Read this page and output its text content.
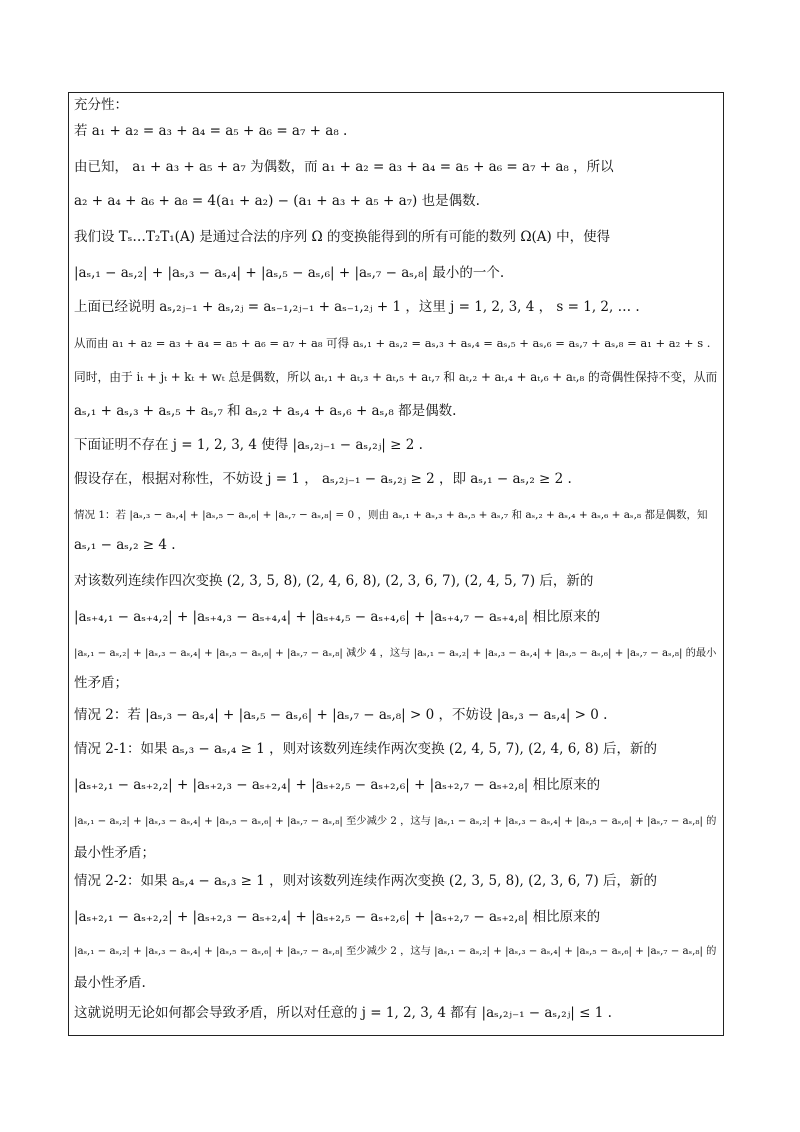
充分性：
若 a₁ + a₂ = a₃ + a₄ = a₅ + a₆ = a₇ + a₈ .
由已知， a₁ + a₃ + a₅ + a₇ 为偶数，而 a₁ + a₂ = a₃ + a₄ = a₅ + a₆ = a₇ + a₈ ，所以
a₂ + a₄ + a₆ + a₈ = 4(a₁ + a₂) − (a₁ + a₃ + a₅ + a₇) 也是偶数.
我们设 Tₛ…T₂T₁(A) 是通过合法的序列 Ω 的变换能得到的所有可能的数列 Ω(A) 中，使得
|aₛ,₁ − aₛ,₂| + |aₛ,₃ − aₛ,₄| + |aₛ,₅ − aₛ,₆| + |aₛ,₇ − aₛ,₈| 最小的一个.
上面已经说明 aₛ,₂ⱼ₋₁ + aₛ,₂ⱼ = aₛ₋₁,₂ⱼ₋₁ + aₛ₋₁,₂ⱼ + 1 ，这里 j = 1, 2, 3, 4 ， s = 1, 2, … .
从而由 a₁ + a₂ = a₃ + a₄ = a₅ + a₆ = a₇ + a₈ 可得 aₛ,₁ + aₛ,₂ = aₛ,₃ + aₛ,₄ = aₛ,₅ + aₛ,₆ = aₛ,₇ + aₛ,₈ = a₁ + a₂ + s .
同时，由于 iₜ + jₜ + kₜ + wₜ 总是偶数，所以 aₜ,₁ + aₜ,₃ + aₜ,₅ + aₜ,₇ 和 aₜ,₂ + aₜ,₄ + aₜ,₆ + aₜ,₈ 的奇偶性保持不变，从而
aₛ,₁ + aₛ,₃ + aₛ,₅ + aₛ,₇ 和 aₛ,₂ + aₛ,₄ + aₛ,₆ + aₛ,₈ 都是偶数.
下面证明不存在 j = 1, 2, 3, 4 使得 |aₛ,₂ⱼ₋₁ − aₛ,₂ⱼ| ≥ 2 .
假设存在，根据对称性，不妨设 j = 1 ， aₛ,₂ⱼ₋₁ − aₛ,₂ⱼ ≥ 2 ，即 aₛ,₁ − aₛ,₂ ≥ 2 .
情况 1：若 |aₛ,₃ − aₛ,₄| + |aₛ,₅ − aₛ,₆| + |aₛ,₇ − aₛ,₈| = 0 ，则由 aₛ,₁ + aₛ,₃ + aₛ,₅ + aₛ,₇ 和 aₛ,₂ + aₛ,₄ + aₛ,₆ + aₛ,₈ 都是偶数，知
aₛ,₁ − aₛ,₂ ≥ 4 .
对该数列连续作四次变换 (2, 3, 5, 8), (2, 4, 6, 8), (2, 3, 6, 7), (2, 4, 5, 7) 后，新的
|aₛ₊₄,₁ − aₛ₊₄,₂| + |aₛ₊₄,₃ − aₛ₊₄,₄| + |aₛ₊₄,₅ − aₛ₊₄,₆| + |aₛ₊₄,₇ − aₛ₊₄,₈| 相比原来的
|aₛ,₁ − aₛ,₂| + |aₛ,₃ − aₛ,₄| + |aₛ,₅ − aₛ,₆| + |aₛ,₇ − aₛ,₈| 减少 4 ，这与 |aₛ,₁ − aₛ,₂| + |aₛ,₃ − aₛ,₄| + |aₛ,₅ − aₛ,₆| + |aₛ,₇ − aₛ,₈| 的最小
性矛盾；
情况 2：若 |aₛ,₃ − aₛ,₄| + |aₛ,₅ − aₛ,₆| + |aₛ,₇ − aₛ,₈| > 0 ，不妨设 |aₛ,₃ − aₛ,₄| > 0 .
情况 2-1：如果 aₛ,₃ − aₛ,₄ ≥ 1 ，则对该数列连续作两次变换 (2, 4, 5, 7), (2, 4, 6, 8) 后，新的
|aₛ₊₂,₁ − aₛ₊₂,₂| + |aₛ₊₂,₃ − aₛ₊₂,₄| + |aₛ₊₂,₅ − aₛ₊₂,₆| + |aₛ₊₂,₇ − aₛ₊₂,₈| 相比原来的
|aₛ,₁ − aₛ,₂| + |aₛ,₃ − aₛ,₄| + |aₛ,₅ − aₛ,₆| + |aₛ,₇ − aₛ,₈| 至少减少 2 ，这与 |aₛ,₁ − aₛ,₂| + |aₛ,₃ − aₛ,₄| + |aₛ,₅ − aₛ,₆| + |aₛ,₇ − aₛ,₈| 的
最小性矛盾；
情况 2-2：如果 aₛ,₄ − aₛ,₃ ≥ 1 ，则对该数列连续作两次变换 (2, 3, 5, 8), (2, 3, 6, 7) 后，新的
|aₛ₊₂,₁ − aₛ₊₂,₂| + |aₛ₊₂,₃ − aₛ₊₂,₄| + |aₛ₊₂,₅ − aₛ₊₂,₆| + |aₛ₊₂,₇ − aₛ₊₂,₈| 相比原来的
|aₛ,₁ − aₛ,₂| + |aₛ,₃ − aₛ,₄| + |aₛ,₅ − aₛ,₆| + |aₛ,₇ − aₛ,₈| 至少减少 2 ，这与 |aₛ,₁ − aₛ,₂| + |aₛ,₃ − aₛ,₄| + |aₛ,₅ − aₛ,₆| + |aₛ,₇ − aₛ,₈| 的
最小性矛盾.
这就说明无论如何都会导致矛盾，所以对任意的 j = 1, 2, 3, 4 都有 |aₛ,₂ⱼ₋₁ − aₛ,₂ⱼ| ≤ 1 .
